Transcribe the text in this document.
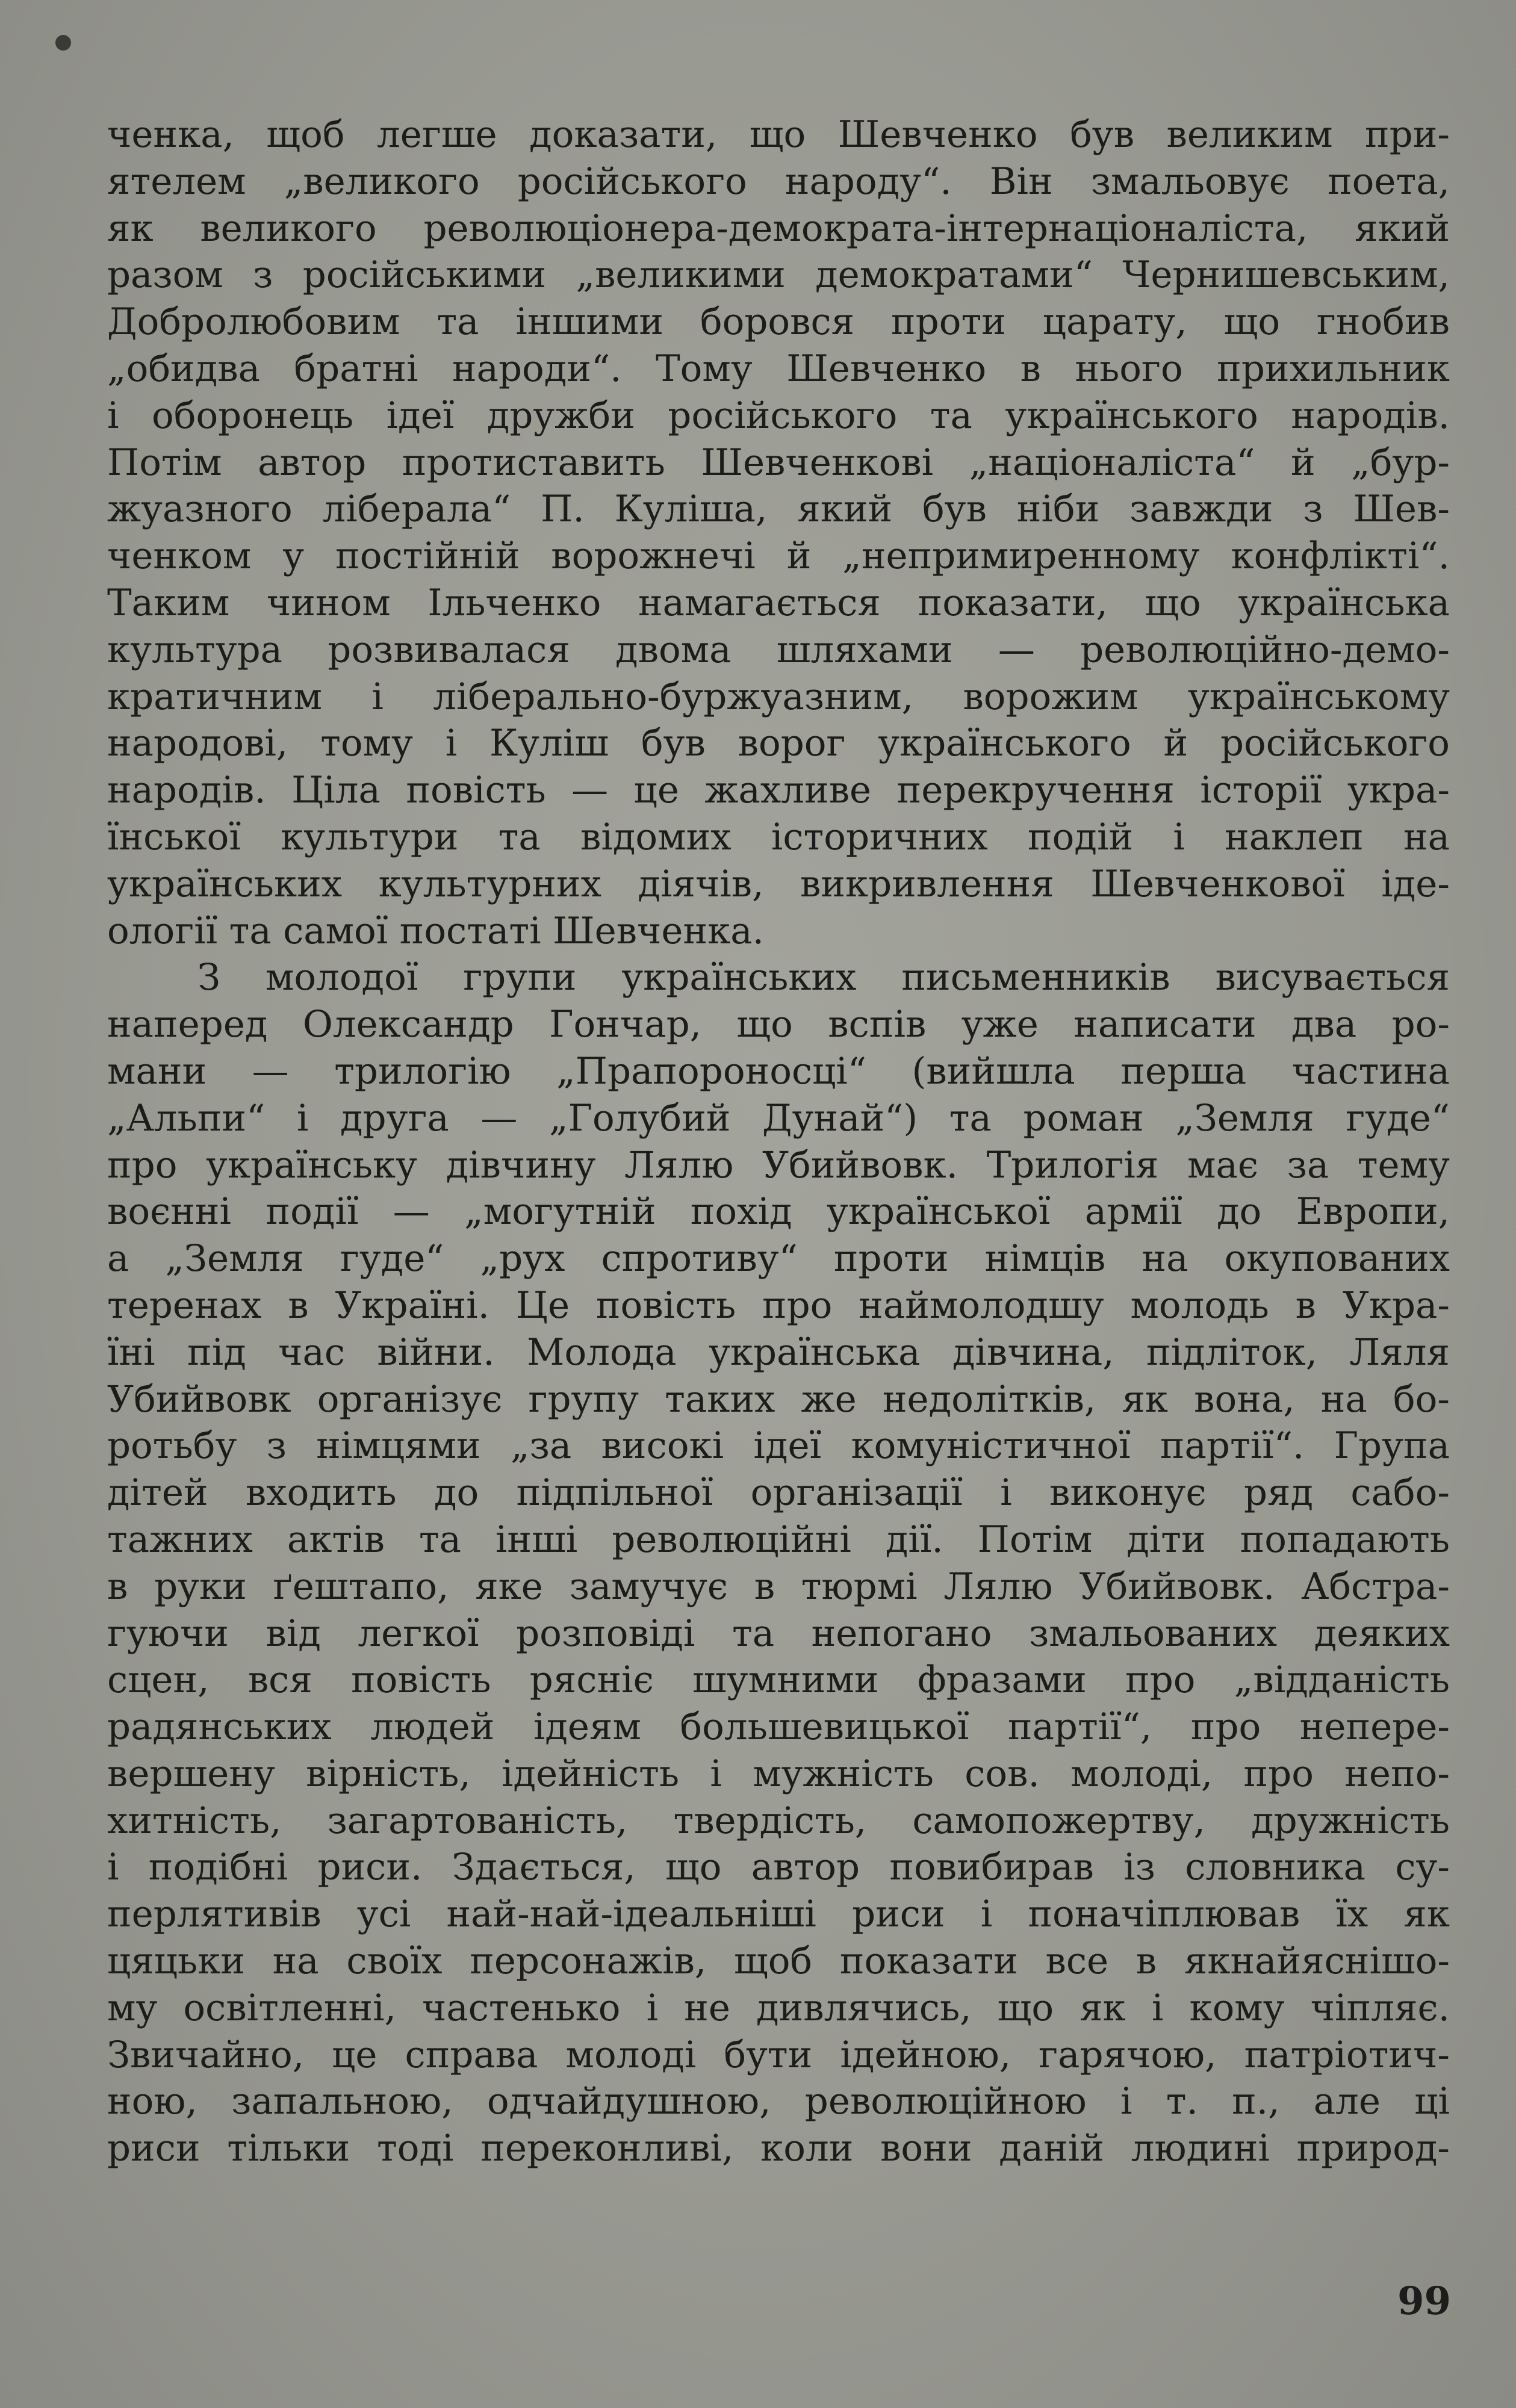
ченка, щоб легше доказати, що Шевченко був великим при-
ятелем „великого російського народу“. Він змальовує поета,
як великого революціонера-демократа-інтернаціоналіста, який
разом з російськими „великими демократами“ Чернишевським,
Добролюбовим та іншими боровся проти царату, що гнобив
„обидва братні народи“. Тому Шевченко в нього прихильник
і оборонець ідеї дружби російського та українського народів.
Потім автор протиставить Шевченкові „націоналіста“ й „бур-
жуазного ліберала“ П. Куліша, який був ніби завжди з Шев-
ченком у постійній ворожнечі й „непримиренному конфлікті“.
Таким чином Ільченко намагається показати, що українська
культура розвивалася двома шляхами — революційно-демо-
кратичним і ліберально-буржуазним, ворожим українському
народові, тому і Куліш був ворог українського й російського
народів. Ціла повість — це жахливе перекручення історії укра-
їнської культури та відомих історичних подій і наклеп на
українських культурних діячів, викривлення Шевченкової іде-
ології та самої постаті Шевченка.
З молодої групи українських письменників висувається
наперед Олександр Гончар, що вспів уже написати два ро-
мани — трилогію „Прапороносці“ (вийшла перша частина
„Альпи“ і друга — „Голубий Дунай“) та роман „Земля гуде“
про українську дівчину Лялю Убийвовк. Трилогія має за тему
воєнні події — „могутній похід української армії до Европи,
а „Земля гуде“ „рух спротиву“ проти німців на окупованих
теренах в Україні. Це повість про наймолодшу молодь в Укра-
їні під час війни. Молода українська дівчина, підліток, Ляля
Убийвовк організує групу таких же недолітків, як вона, на бо-
ротьбу з німцями „за високі ідеї комуністичної партії“. Група
дітей входить до підпільної організації і виконує ряд сабо-
тажних актів та інші революційні дії. Потім діти попадають
в руки ґештапо, яке замучує в тюрмі Лялю Убийвовк. Абстра-
гуючи від легкої розповіді та непогано змальованих деяких
сцен, вся повість рясніє шумними фразами про „відданість
радянських людей ідеям большевицької партії“, про непере-
вершену вірність, ідейність і мужність сов. молоді, про непо-
хитність, загартованість, твердість, самопожертву, дружність
і подібні риси. Здається, що автор повибирав із словника су-
перлятивів усі най-най-ідеальніші риси і поначіплював їх як
цяцьки на своїх персонажів, щоб показати все в якнайяснішо-
му освітленні, частенько і не дивлячись, що як і кому чіпляє.
Звичайно, це справа молоді бути ідейною, гарячою, патріотич-
ною, запальною, одчайдушною, революційною і т. п., але ці
риси тільки тоді переконливі, коли вони даній людині природ-
99
